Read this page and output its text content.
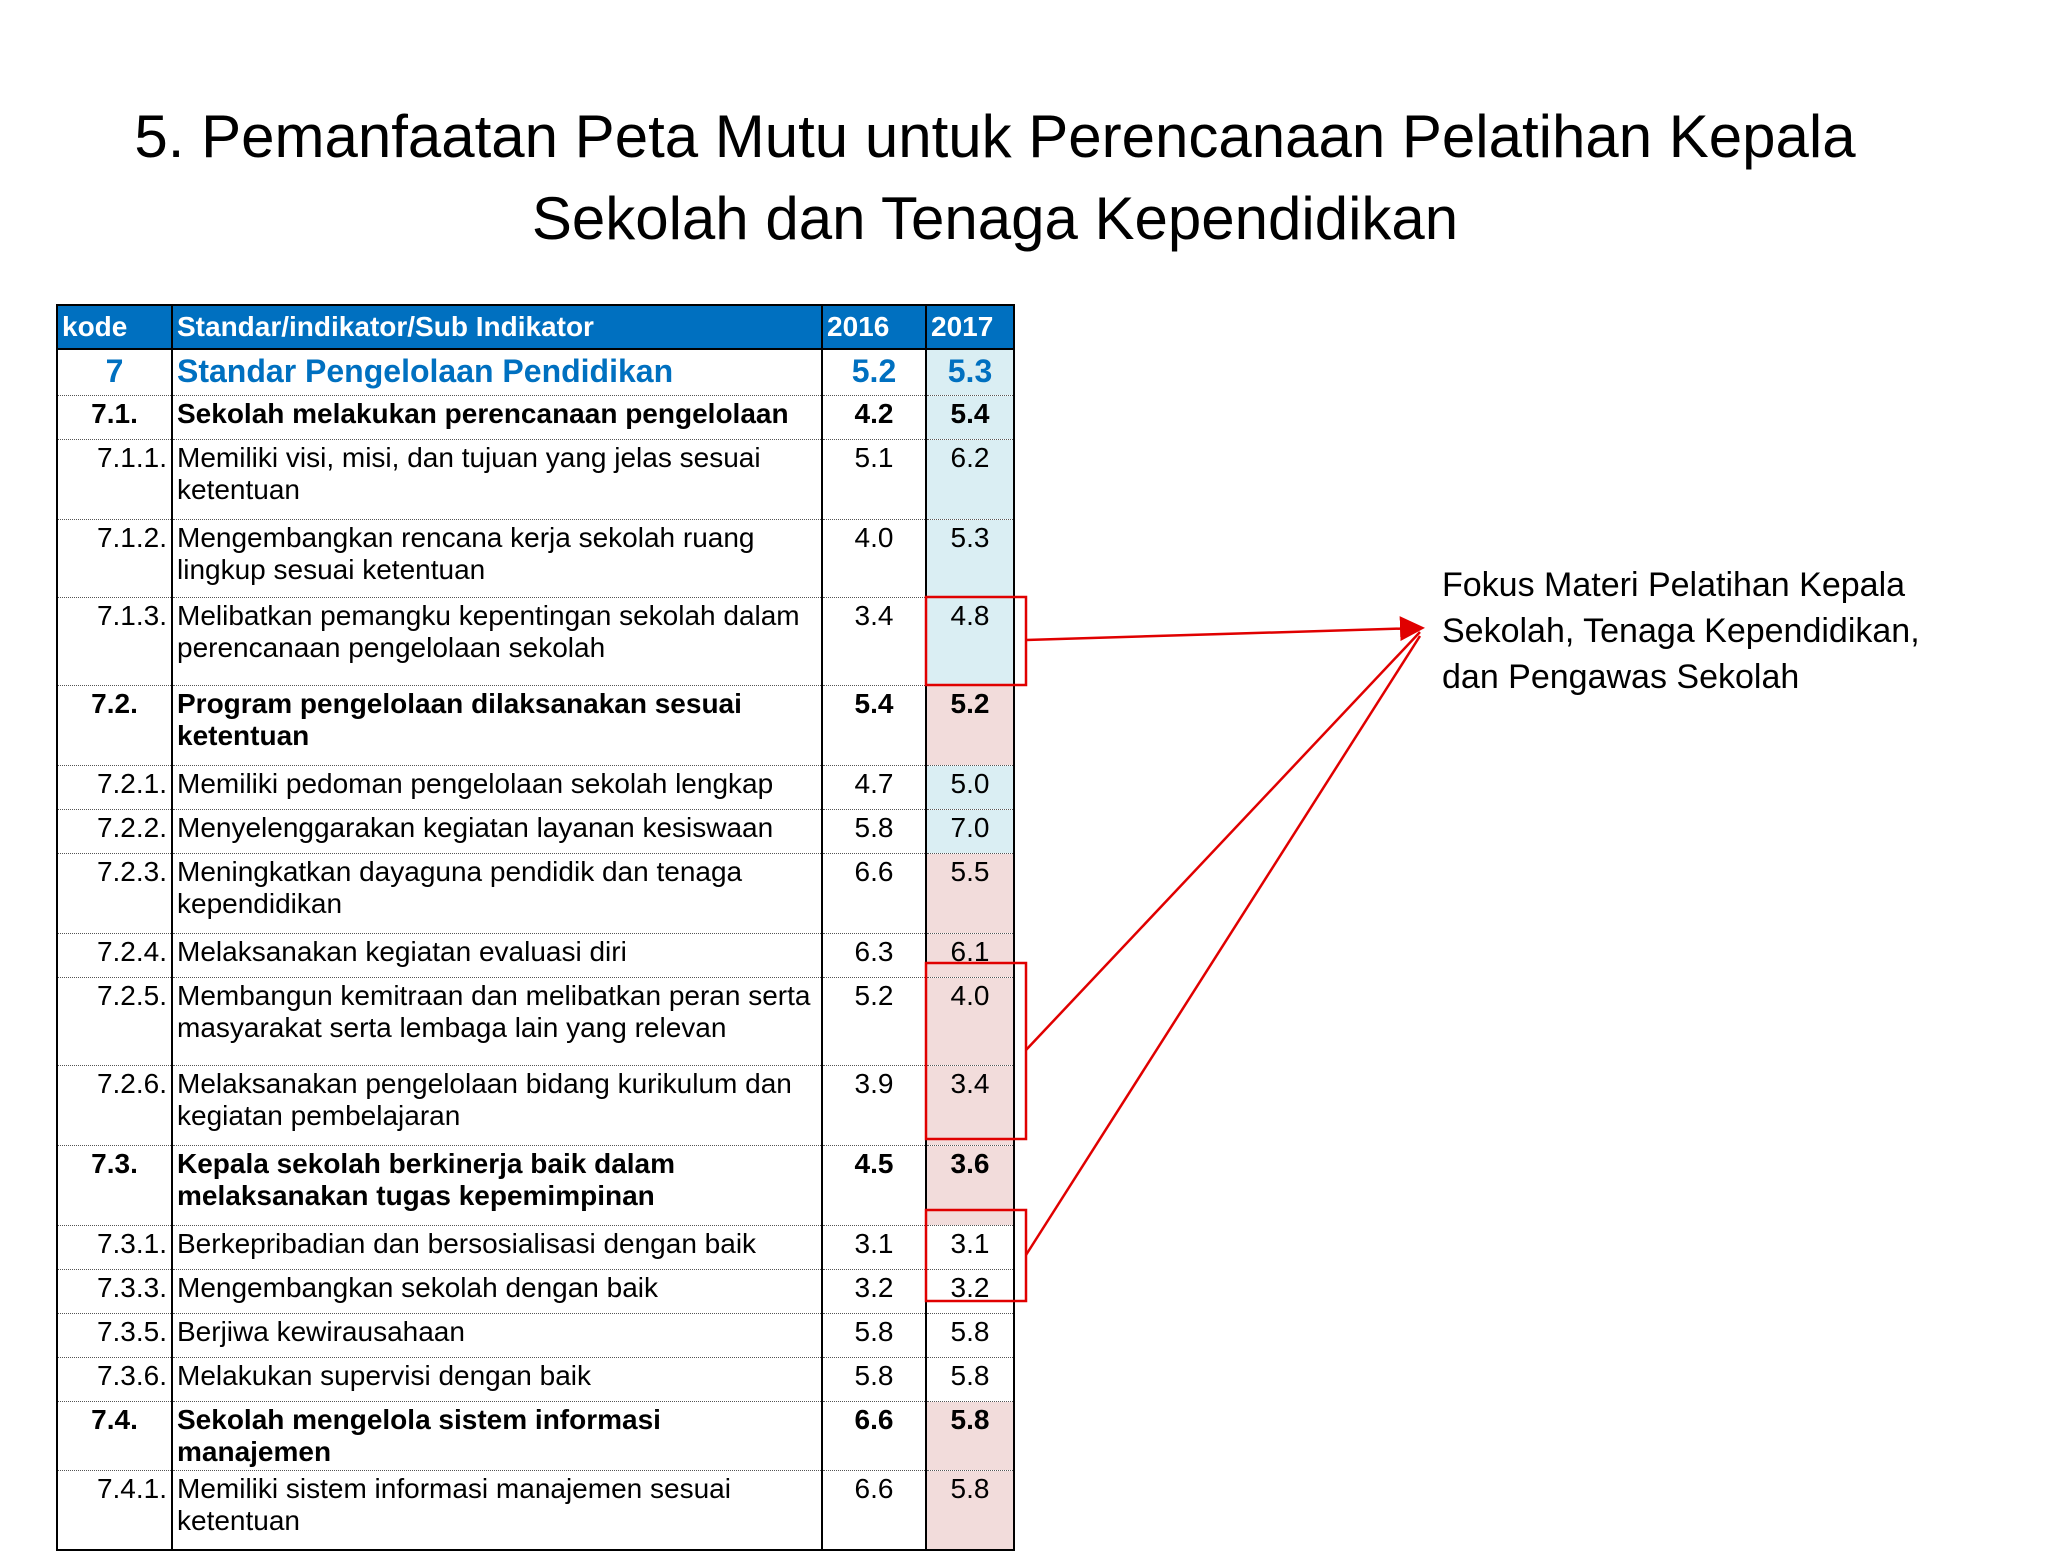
5. Pemanfaatan Peta Mutu untuk Perencanaan Pelatihan Kepala
Sekolah dan Tenaga Kependidikan
kode	Standar/indikator/Sub Indikator	2016	2017
7	Standar Pengelolaan Pendidikan	5.2	5.3
7.1.	Sekolah melakukan perencanaan pengelolaan	4.2	5.4
7.1.1.	Memiliki visi, misi, dan tujuan yang jelas sesuai ketentuan	5.1	6.2
7.1.2.	Mengembangkan rencana kerja sekolah ruang lingkup sesuai ketentuan	4.0	5.3
7.1.3.	Melibatkan pemangku kepentingan sekolah dalam perencanaan pengelolaan sekolah	3.4	4.8
7.2.	Program pengelolaan dilaksanakan sesuai ketentuan	5.4	5.2
7.2.1.	Memiliki pedoman pengelolaan sekolah lengkap	4.7	5.0
7.2.2.	Menyelenggarakan kegiatan layanan kesiswaan	5.8	7.0
7.2.3.	Meningkatkan dayaguna pendidik dan tenaga kependidikan	6.6	5.5
7.2.4.	Melaksanakan kegiatan evaluasi diri	6.3	6.1
7.2.5.	Membangun kemitraan dan melibatkan peran serta masyarakat serta lembaga lain yang relevan	5.2	4.0
7.2.6.	Melaksanakan pengelolaan bidang kurikulum dan kegiatan pembelajaran	3.9	3.4
7.3.	Kepala sekolah berkinerja baik dalam melaksanakan tugas kepemimpinan	4.5	3.6
7.3.1.	Berkepribadian dan bersosialisasi dengan baik	3.1	3.1
7.3.3.	Mengembangkan sekolah dengan baik	3.2	3.2
7.3.5.	Berjiwa kewirausahaan	5.8	5.8
7.3.6.	Melakukan supervisi dengan baik	5.8	5.8
7.4.	Sekolah mengelola sistem informasi manajemen	6.6	5.8
7.4.1.	Memiliki sistem informasi manajemen sesuai ketentuan	6.6	5.8
Fokus Materi Pelatihan Kepala
Sekolah, Tenaga Kependidikan,
dan Pengawas Sekolah
